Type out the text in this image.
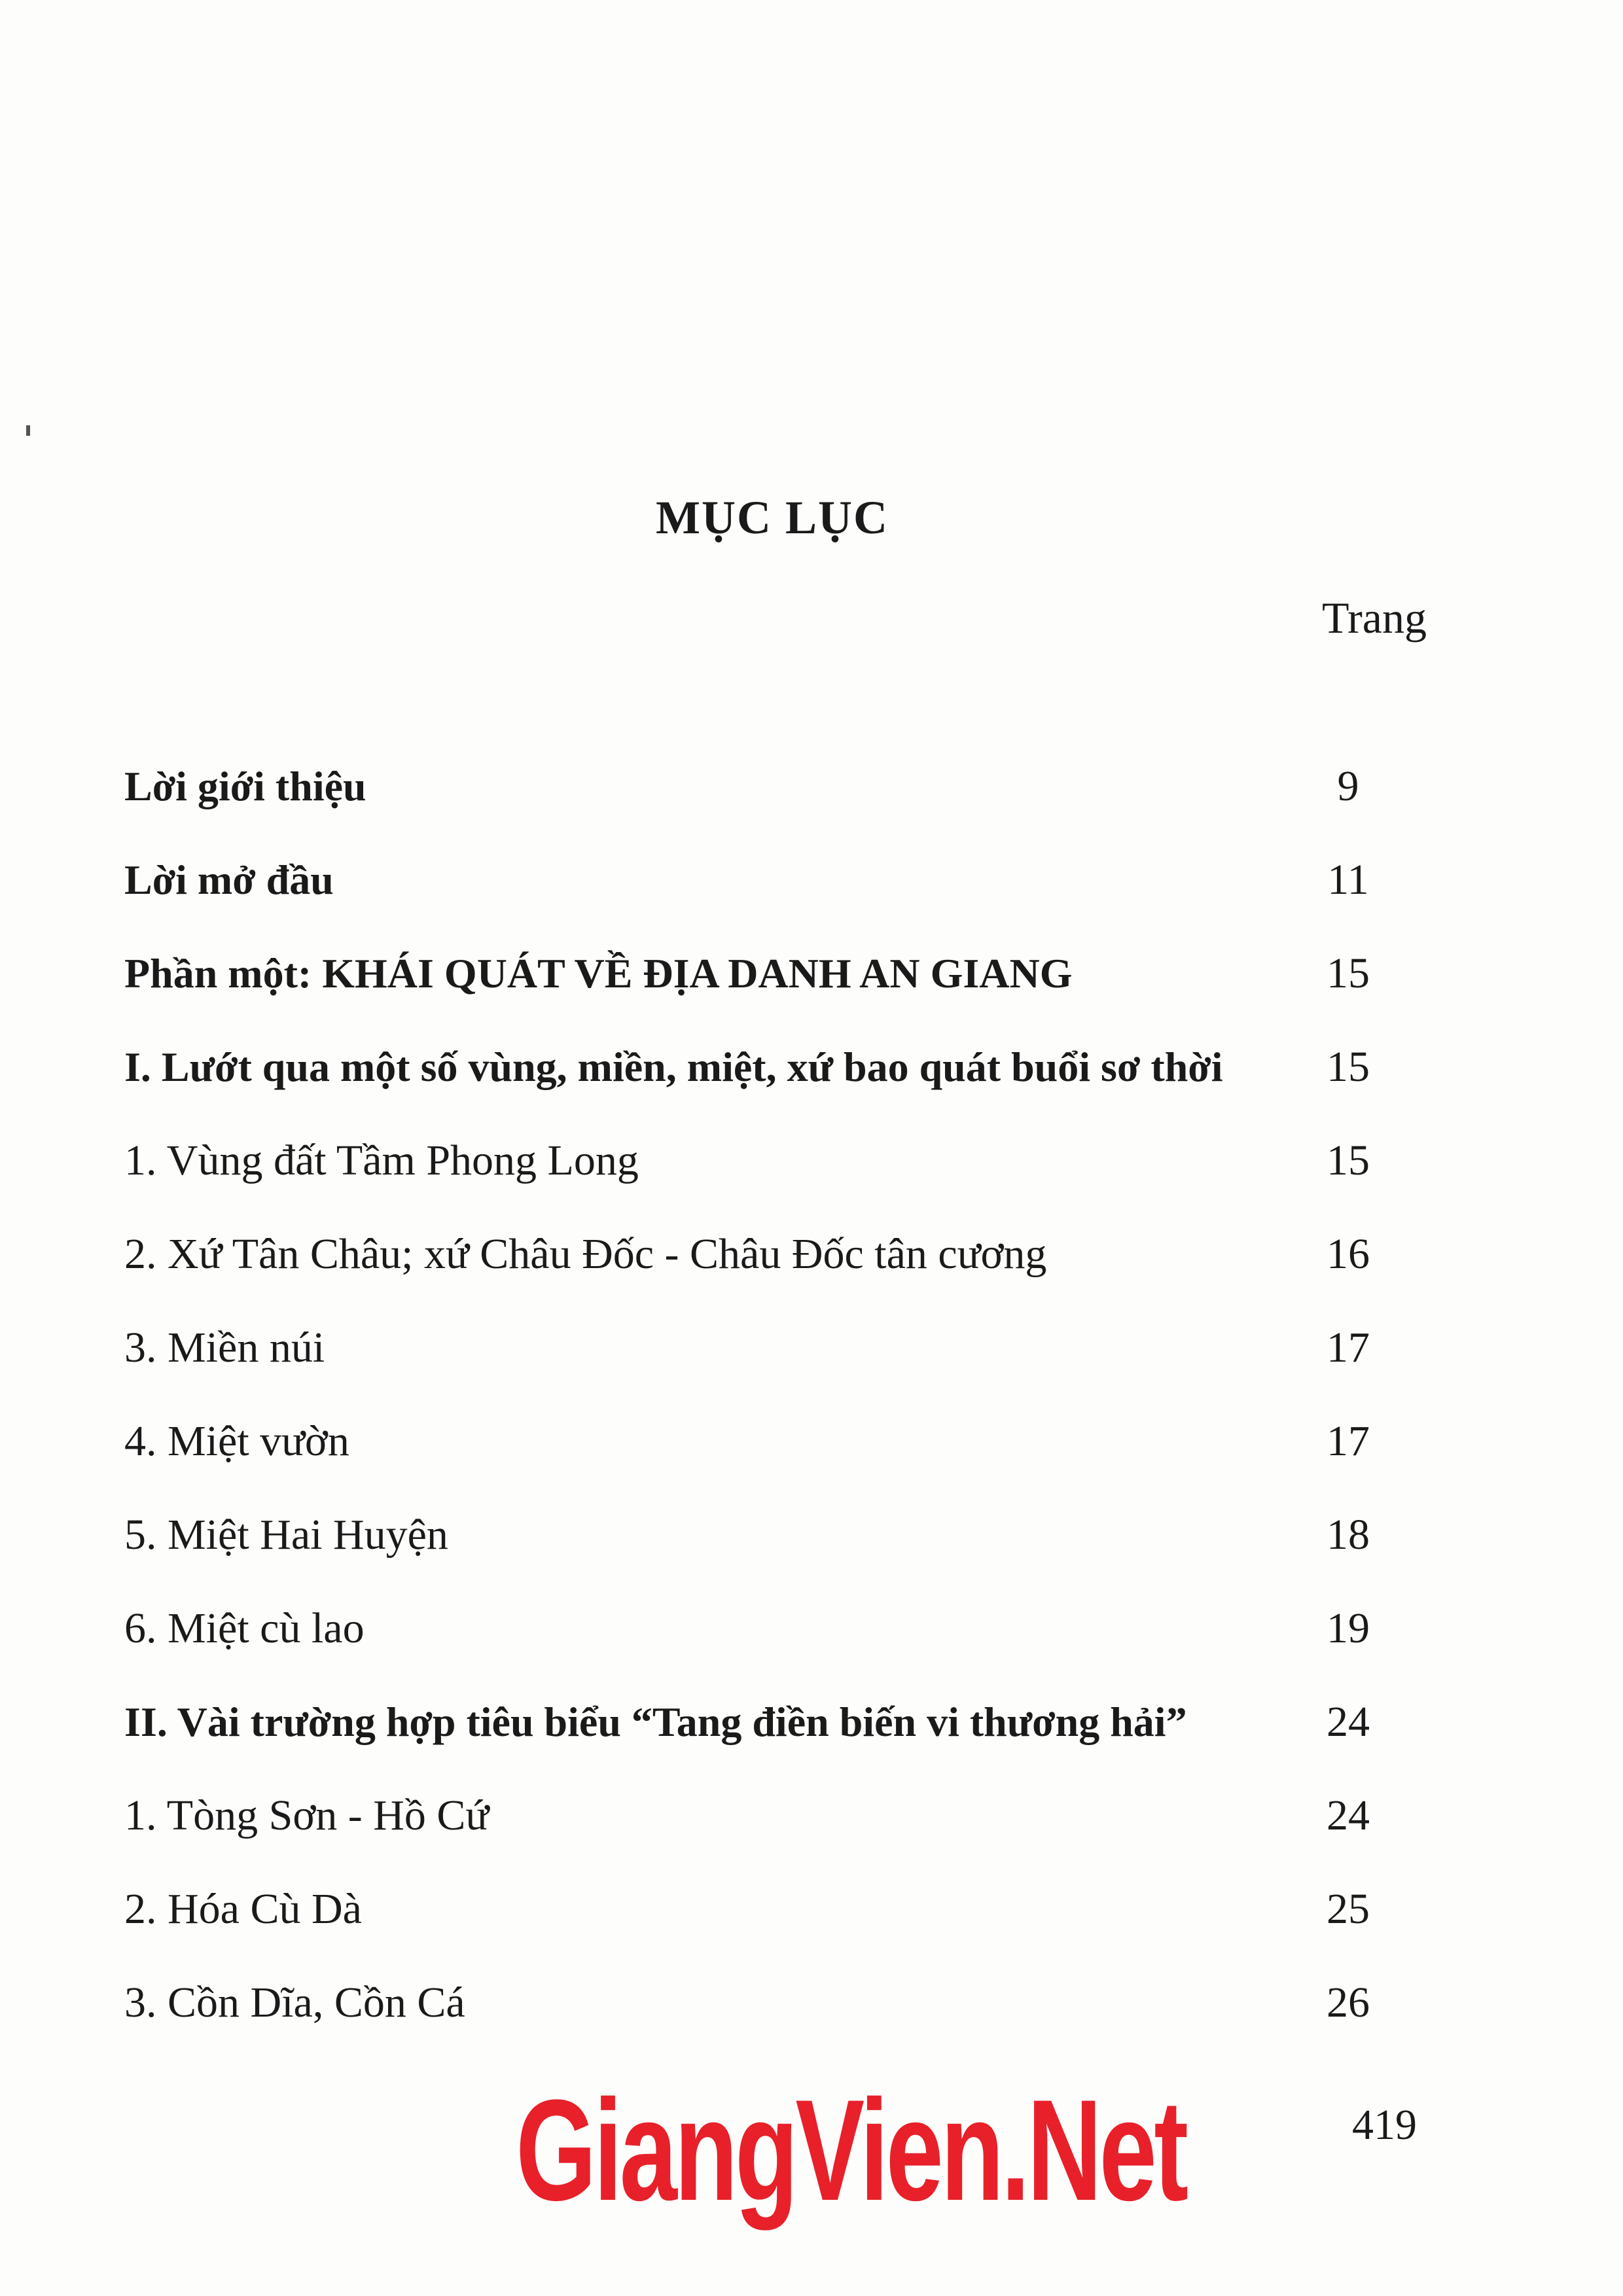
MỤC LỤC
Trang
Lời giới thiệu	9
Lời mở đầu	11
Phần một: KHÁI QUÁT VỀ ĐỊA DANH AN GIANG	15
I. Lướt qua một số vùng, miền, miệt, xứ bao quát buổi sơ thời 15
1. Vùng đất Tầm Phong Long	15
2. Xứ Tân Châu; xứ Châu Đốc - Châu Đốc tân cương	16
3. Miền núi	17
4. Miệt vườn	17
5. Miệt Hai Huyện	18
6. Miệt cù lao	19
II. Vài trường hợp tiêu biểu “Tang điền biến vi thương hải”	24
1. Tòng Sơn - Hồ Cứ	24
2. Hóa Cù Dà	25
3. Cồn Dĩa, Cồn Cá	26
GiangVien.Net	419
